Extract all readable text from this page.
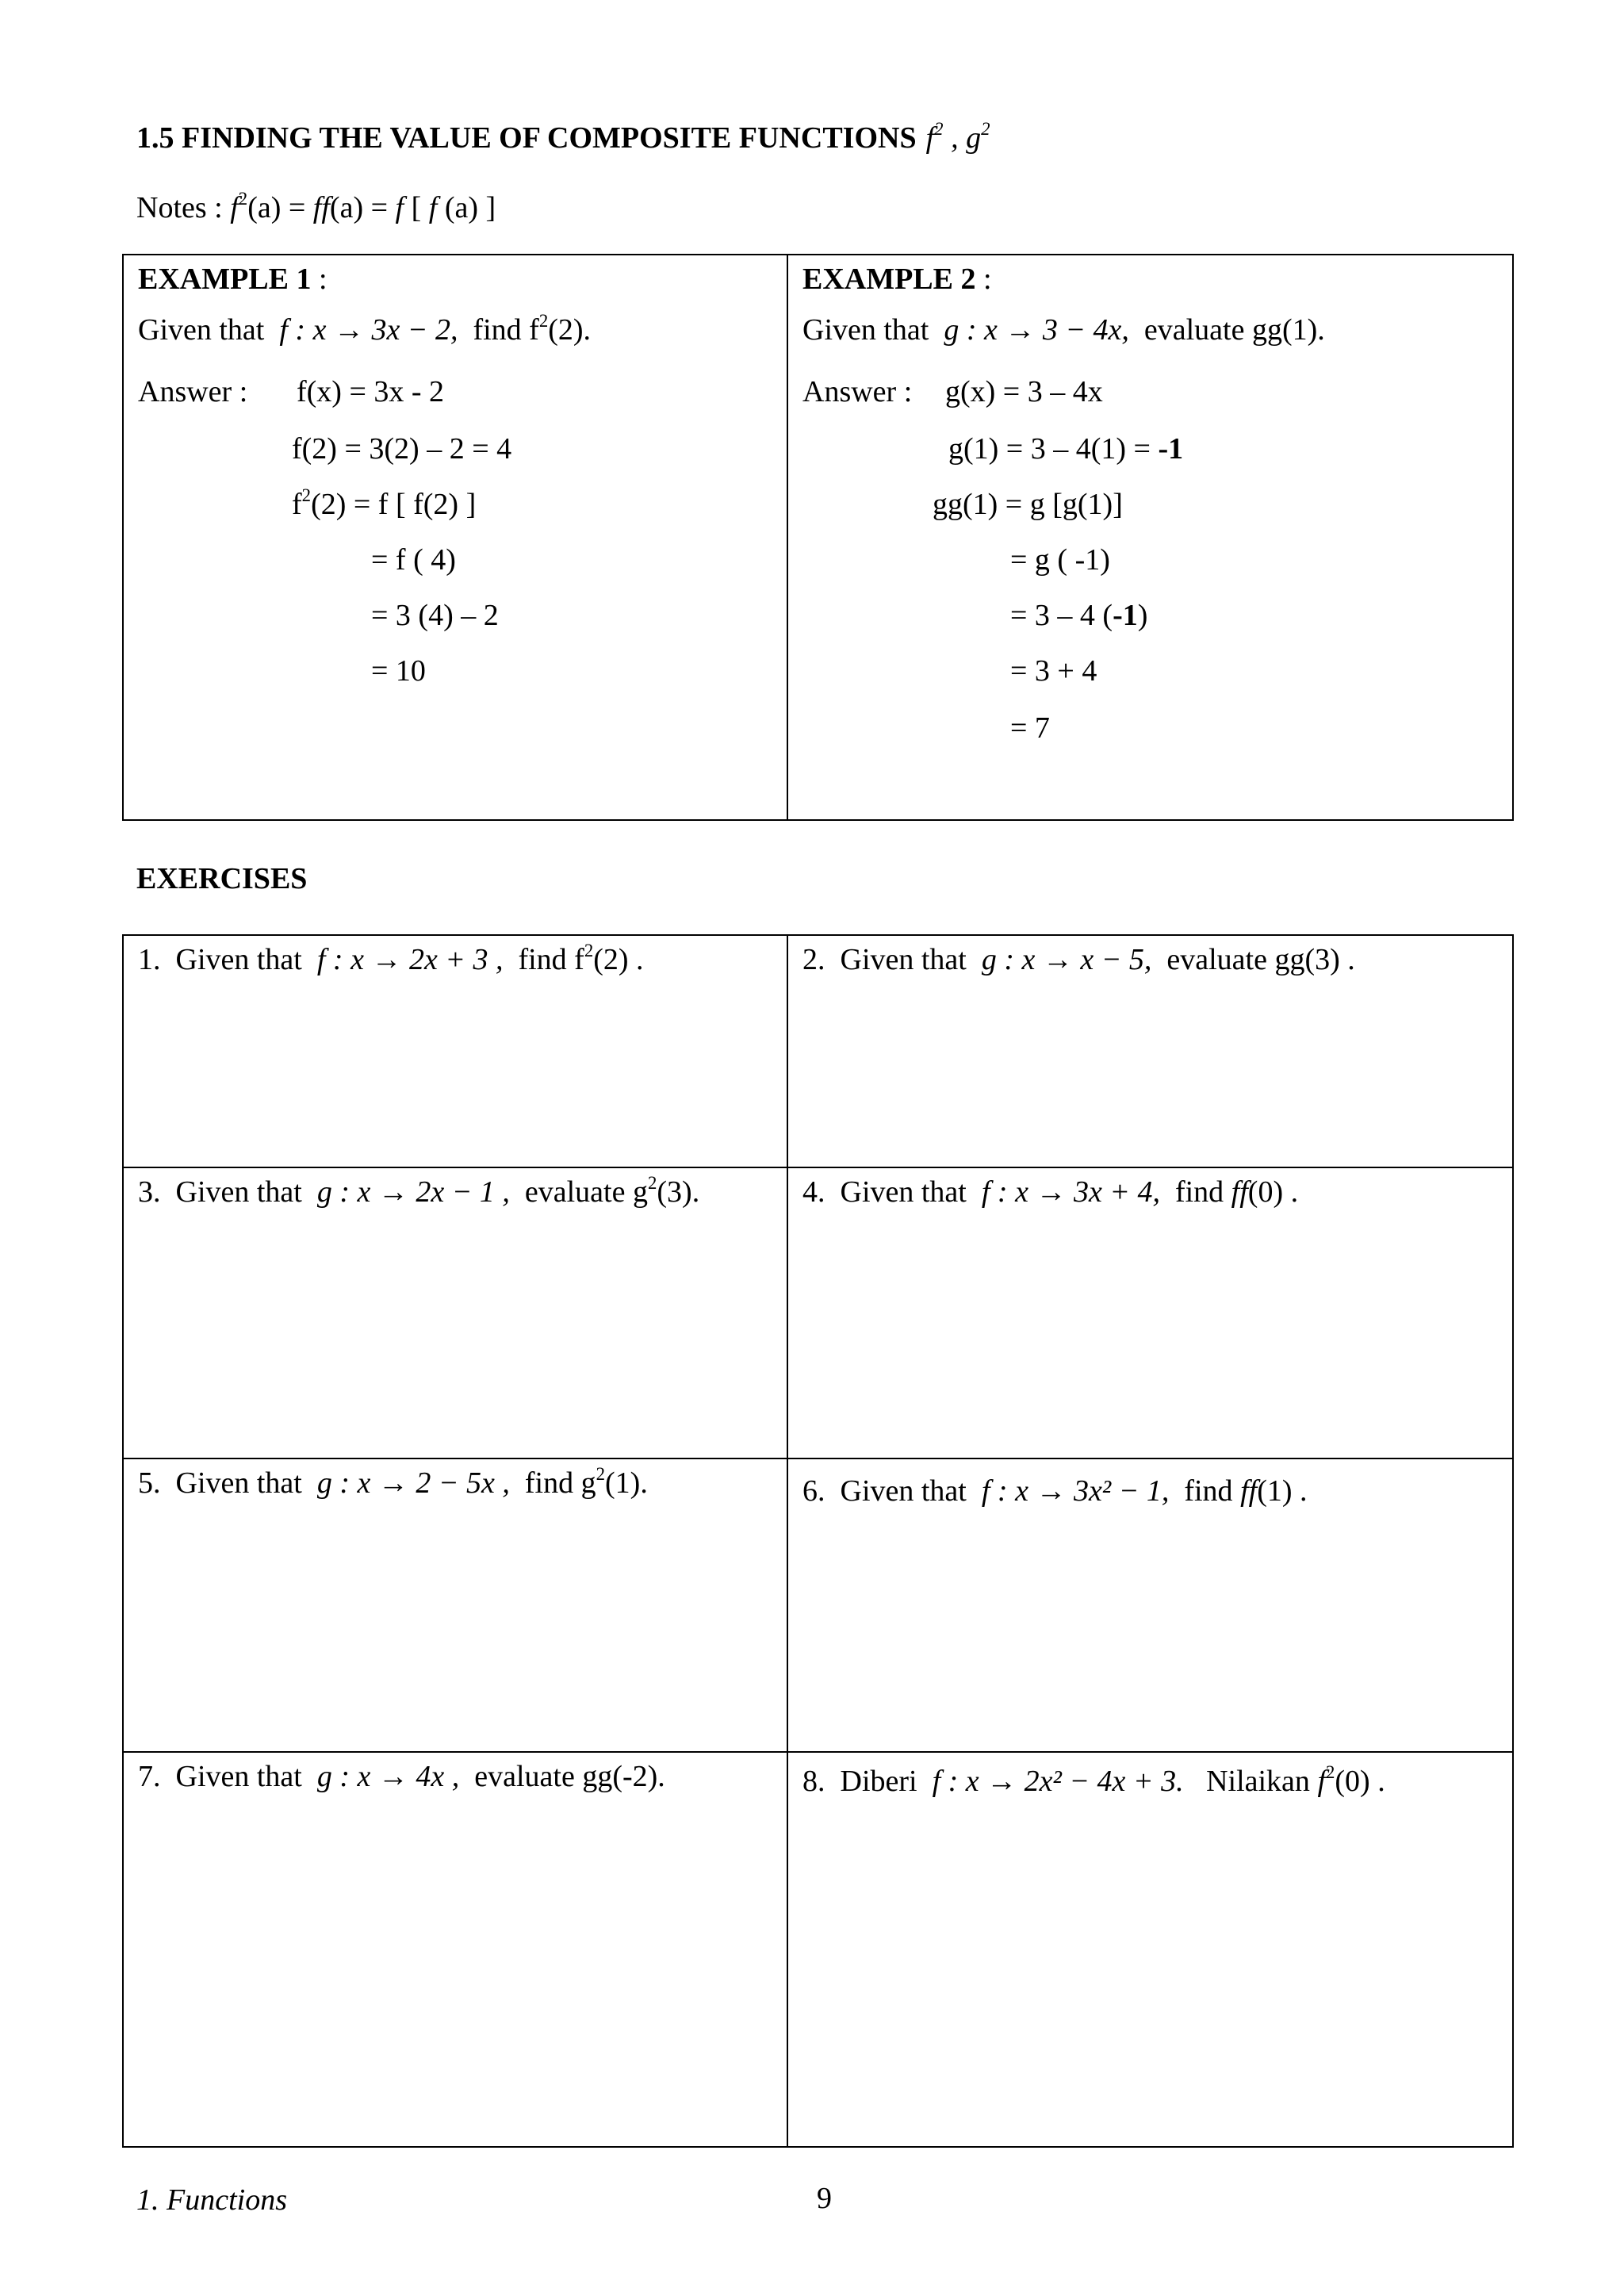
1.5 FINDING THE VALUE OF COMPOSITE FUNCTIONS $f^2$ , $g^2$
Notes : $f^2(a) = ff(a) = f$ [ f (a) ]
EXAMPLE 1 :
Given that f : x → 3x − 2, find $f^2(2)$.
Answer : f(x) = 3x - 2
f(2) = 3(2) – 2 = 4
$f^2(2) = f$ [ f(2) ]
= f ( 4)
= 3 (4) – 2
= 10
EXAMPLE 2 :
Given that g : x → 3 − 4x, evaluate gg(1).
Answer : g(x) = 3 – 4x
g(1) = 3 – 4(1) = -1
gg(1) = g [g(1)]
= g ( -1)
= 3 – 4 (-1)
= 3 + 4
= 7
EXERCISES
1. Given that f : x → 2x + 3 , find $f^2(2)$ .	2. Given that g : x → x − 5, evaluate gg(3) .
3. Given that g : x → 2x − 1 , evaluate $g^2(3)$.	4. Given that f : x → 3x + 4, find ff(0) .
5. Given that g : x → 2 − 5x , find $g^2(1)$.	6. Given that f : x → 3x² − 1, find ff(1) .
7. Given that g : x → 4x , evaluate gg(-2).	8. Diberi f : x → 2x² − 4x + 3. Nilaikan $f^2(0)$ .
1. Functions	9
